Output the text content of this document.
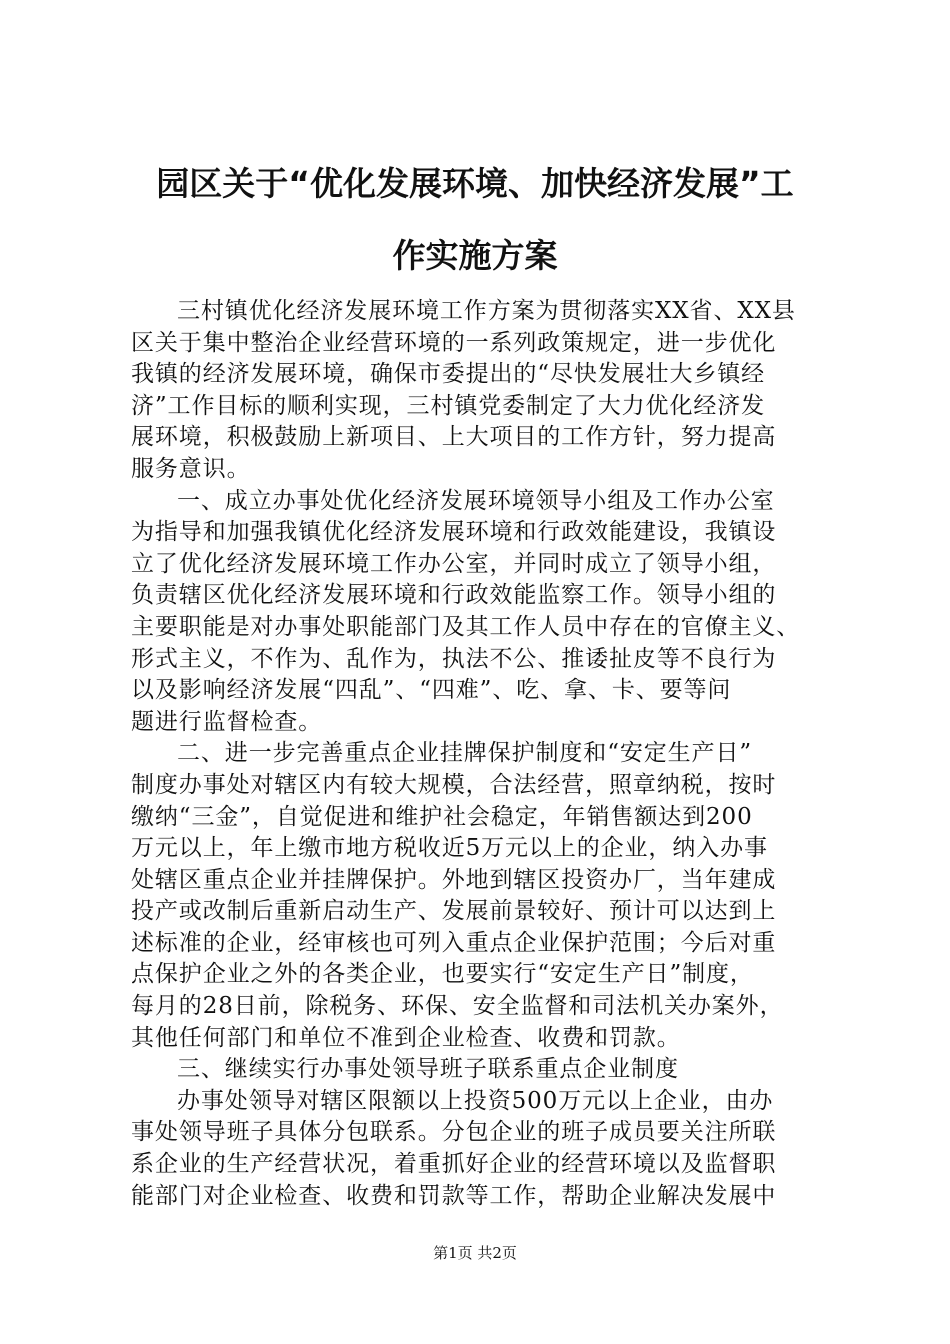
园区关于“优化发展环境、加快经济发展”工
作实施方案
三村镇优化经济发展环境工作方案为贯彻落实XX省、XX县
区关于集中整治企业经营环境的一系列政策规定，进一步优化
我镇的经济发展环境，确保市委提出的“尽快发展壮大乡镇经
济”工作目标的顺利实现，三村镇党委制定了大力优化经济发
展环境，积极鼓励上新项目、上大项目的工作方针，努力提高
服务意识。
一、成立办事处优化经济发展环境领导小组及工作办公室
为指导和加强我镇优化经济发展环境和行政效能建设，我镇设
立了优化经济发展环境工作办公室，并同时成立了领导小组，
负责辖区优化经济发展环境和行政效能监察工作。领导小组的
主要职能是对办事处职能部门及其工作人员中存在的官僚主义、
形式主义，不作为、乱作为，执法不公、推诿扯皮等不良行为
以及影响经济发展“四乱”、“四难”、吃、拿、卡、要等问
题进行监督检查。
二、进一步完善重点企业挂牌保护制度和“安定生产日”
制度办事处对辖区内有较大规模，合法经营，照章纳税，按时
缴纳“三金”，自觉促进和维护社会稳定，年销售额达到200
万元以上，年上缴市地方税收近5万元以上的企业，纳入办事
处辖区重点企业并挂牌保护。外地到辖区投资办厂，当年建成
投产或改制后重新启动生产、发展前景较好、预计可以达到上
述标准的企业，经审核也可列入重点企业保护范围；今后对重
点保护企业之外的各类企业，也要实行“安定生产日”制度，
每月的28日前，除税务、环保、安全监督和司法机关办案外，
其他任何部门和单位不准到企业检查、收费和罚款。
三、继续实行办事处领导班子联系重点企业制度
办事处领导对辖区限额以上投资500万元以上企业，由办
事处领导班子具体分包联系。分包企业的班子成员要关注所联
系企业的生产经营状况，着重抓好企业的经营环境以及监督职
能部门对企业检查、收费和罚款等工作，帮助企业解决发展中
第1页 共2页
